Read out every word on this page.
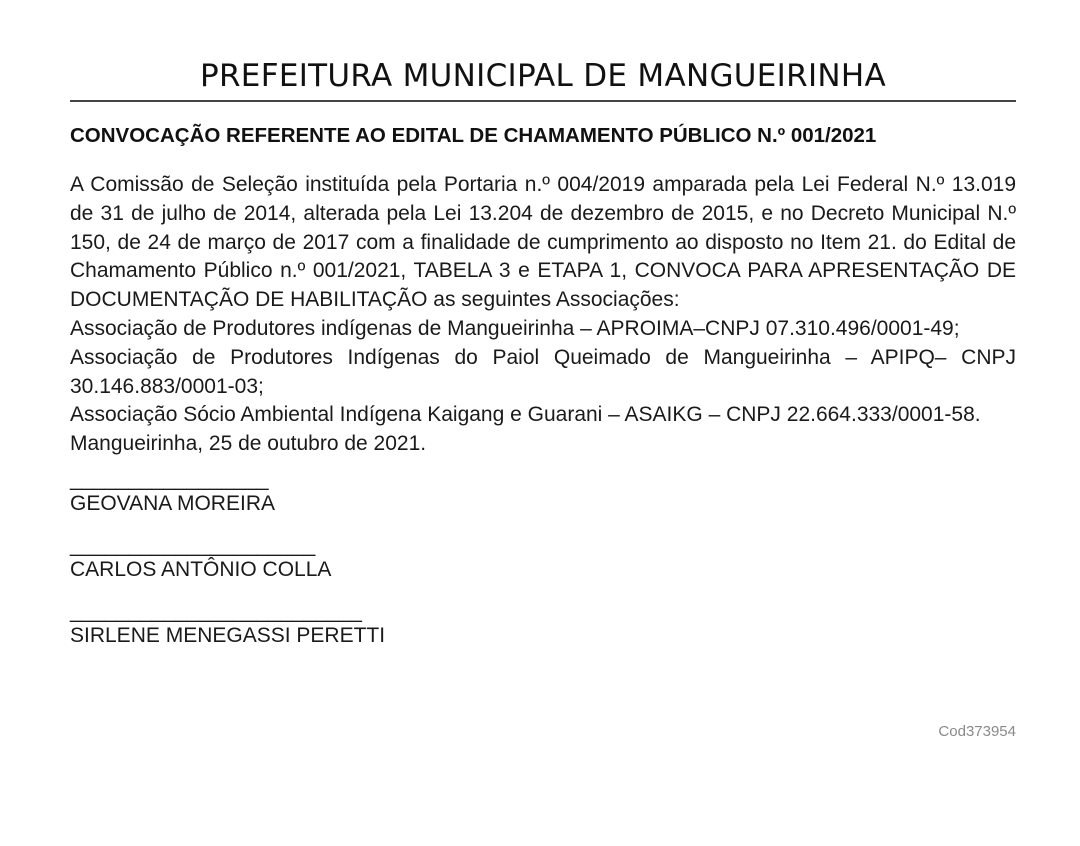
PREFEITURA MUNICIPAL DE MANGUEIRINHA
CONVOCAÇÃO REFERENTE AO EDITAL DE CHAMAMENTO PÚBLICO N.º 001/2021

A Comissão de Seleção instituída pela Portaria n.º 004/2019 amparada pela Lei Federal N.º 13.019 de 31 de julho de 2014, alterada pela Lei 13.204 de dezembro de 2015, e no Decreto Municipal N.º 150, de 24 de março de 2017 com a finalidade de cumprimento ao disposto no Item 21. do Edital de Chamamento Público n.º 001/2021, TABELA 3 e ETAPA 1, CONVOCA PARA APRESENTAÇÃO DE DOCUMENTAÇÃO DE HABILITAÇÃO as seguintes Associações:

Associação de Produtores indígenas de Mangueirinha – APROIMA–CNPJ 07.310.496/0001-49;

Associação de Produtores Indígenas do Paiol Queimado de Mangueirinha – APIPQ– CNPJ 30.146.883/0001-03;

Associação Sócio Ambiental Indígena Kaigang e Guarani – ASAIKG – CNPJ 22.664.333/0001-58.

Mangueirinha, 25 de outubro de 2021.

_________________
GEOVANA MOREIRA
_____________________
CARLOS ANTÔNIO COLLA
_________________________
SIRLENE MENEGASSI PERETTI
Cod373954
